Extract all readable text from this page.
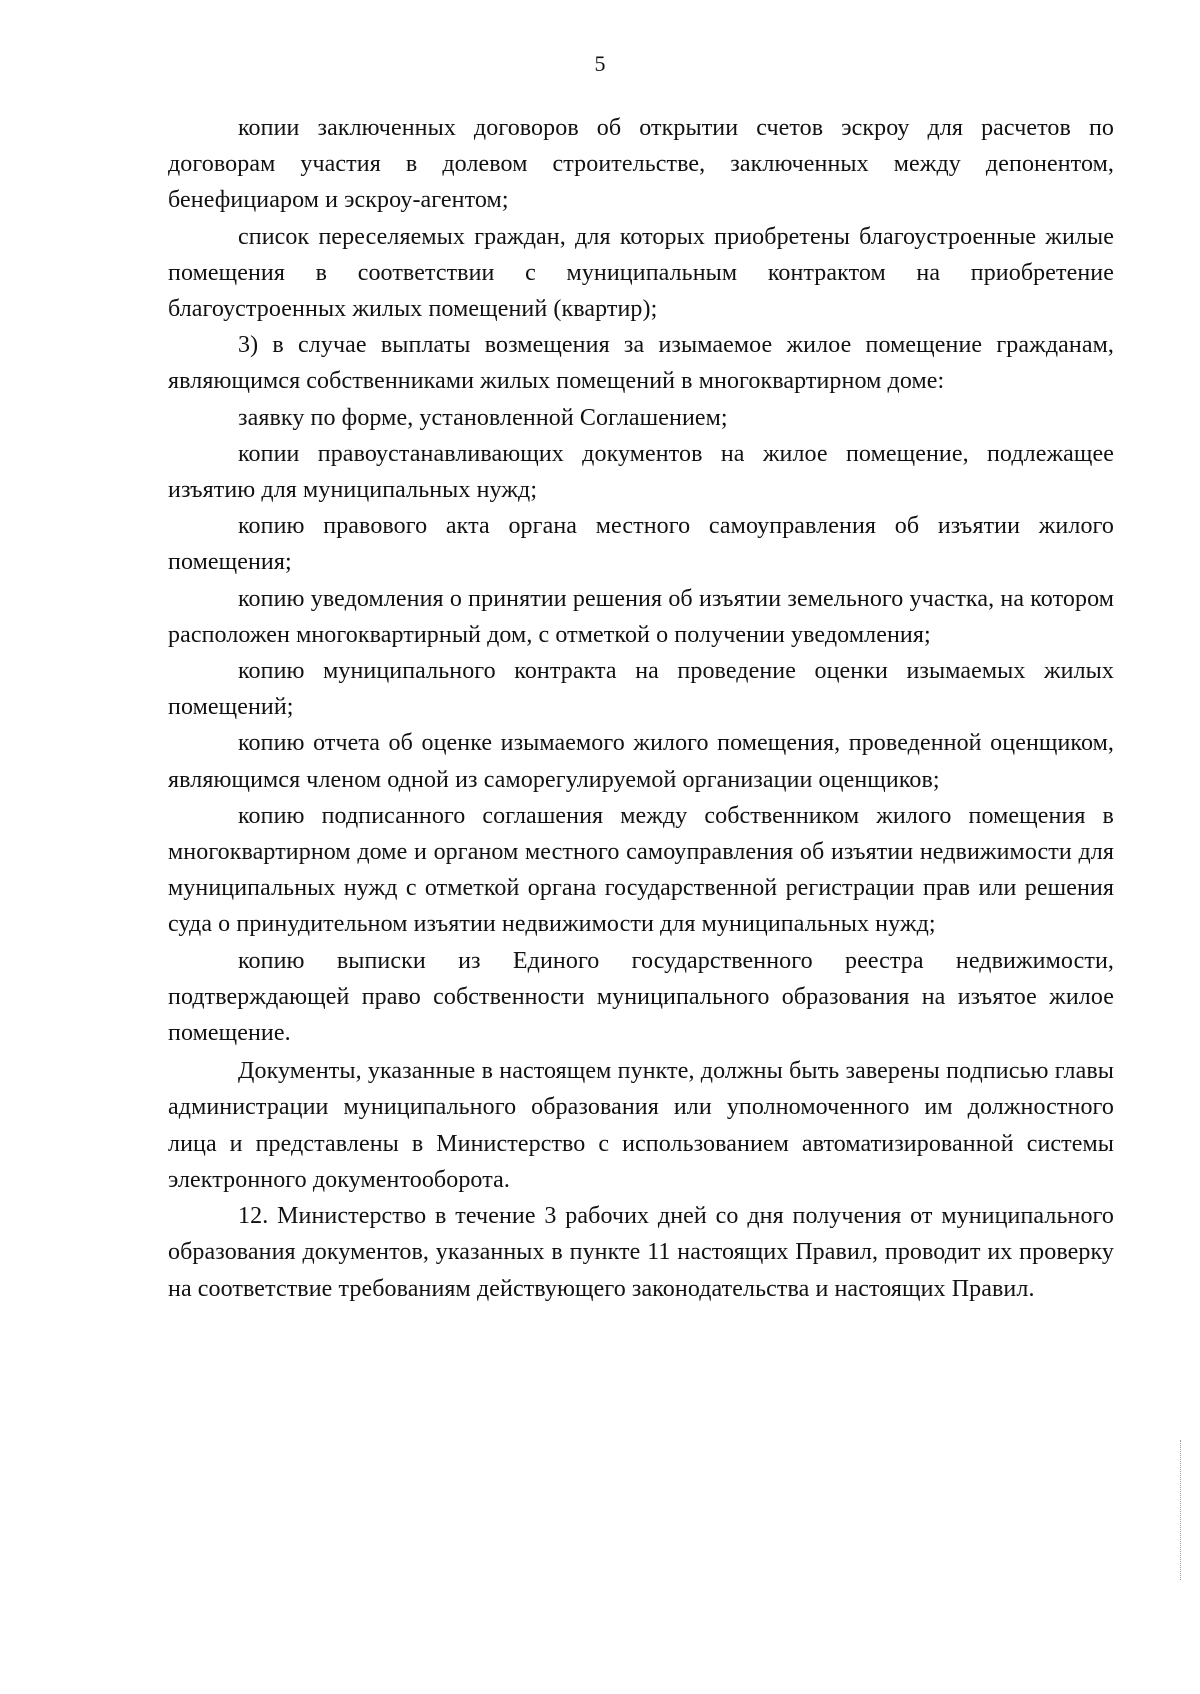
5

копии заключенных договоров об открытии счетов эскроу для расчетов по договорам участия в долевом строительстве, заключенных между депонентом, бенефициаром и эскроу-агентом;

список переселяемых граждан, для которых приобретены благоустроенные жилые помещения в соответствии с муниципальным контрактом на приобретение благоустроенных жилых помещений (квартир);

3) в случае выплаты возмещения за изымаемое жилое помещение гражданам, являющимся собственниками жилых помещений в многоквартирном доме:

заявку по форме, установленной Соглашением;

копии правоустанавливающих документов на жилое помещение, подлежащее изъятию для муниципальных нужд;

копию правового акта органа местного самоуправления об изъятии жилого помещения;

копию уведомления о принятии решения об изъятии земельного участка, на котором расположен многоквартирный дом, с отметкой о получении уведомления;

копию муниципального контракта на проведение оценки изымаемых жилых помещений;

копию отчета об оценке изымаемого жилого помещения, проведенной оценщиком, являющимся членом одной из саморегулируемой организации оценщиков;

копию подписанного соглашения между собственником жилого помещения в многоквартирном доме и органом местного самоуправления об изъятии недвижимости для муниципальных нужд с отметкой органа государственной регистрации прав или решения суда о принудительном изъятии недвижимости для муниципальных нужд;

копию выписки из Единого государственного реестра недвижимости, подтверждающей право собственности муниципального образования на изъятое жилое помещение.

Документы, указанные в настоящем пункте, должны быть заверены подписью главы администрации муниципального образования или уполномоченного им должностного лица и представлены в Министерство с использованием автоматизированной системы электронного документооборота.

12. Министерство в течение 3 рабочих дней со дня получения от муниципального образования документов, указанных в пункте 11 настоящих Правил, проводит их проверку на соответствие требованиям действующего законодательства и настоящих Правил.
